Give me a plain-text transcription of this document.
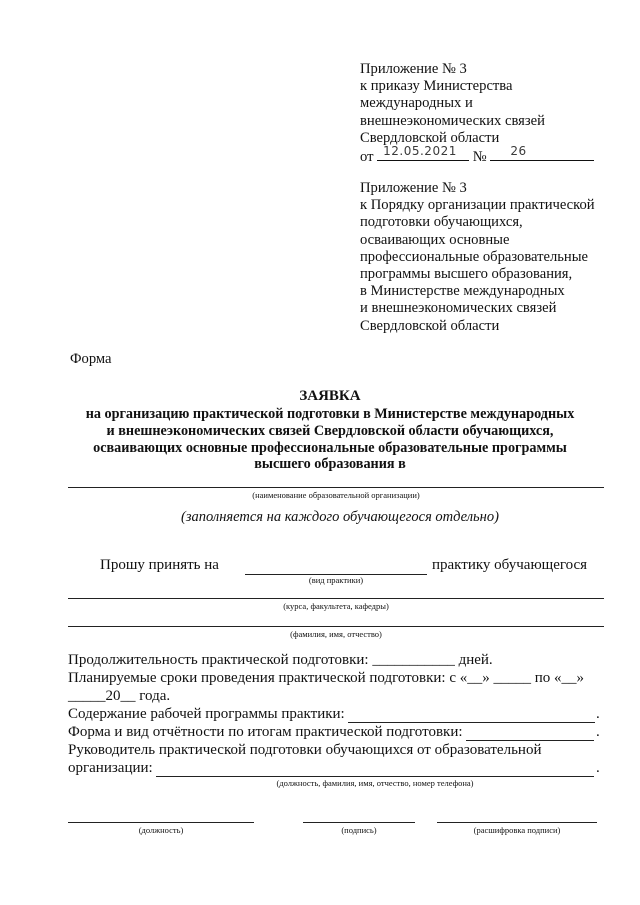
Приложение № 3
к приказу Министерства
международных и
внешнеэкономических связей
Свердловской области
от 12.05.2021 № 26
Приложение № 3
к Порядку организации практической
подготовки обучающихся,
осваивающих основные
профессиональные образовательные
программы высшего образования,
в Министерстве международных
и внешнеэкономических связей
Свердловской области
Форма
ЗАЯВКА
на организацию практической подготовки в Министерстве международных
и внешнеэкономических связей Свердловской области обучающихся,
осваивающих основные профессиональные образовательные программы
высшего образования в
(наименование образовательной организации)
(заполняется на каждого обучающегося отдельно)
Прошу принять на	практику обучающегося
(вид практики)
(курса, факультета, кафедры)
(фамилия, имя, отчество)
Продолжительность практической подготовки: ___________ дней.
Планируемые сроки проведения практической подготовки: с «__» _____ по «__»
_____20__ года.
Содержание рабочей программы практики:	.
Форма и вид отчётности по итогам практической подготовки:	.
Руководитель практической подготовки обучающихся от образовательной
организации:	.
(должность, фамилия, имя, отчество, номер телефона)
(должность)	(подпись)	(расшифровка подписи)
